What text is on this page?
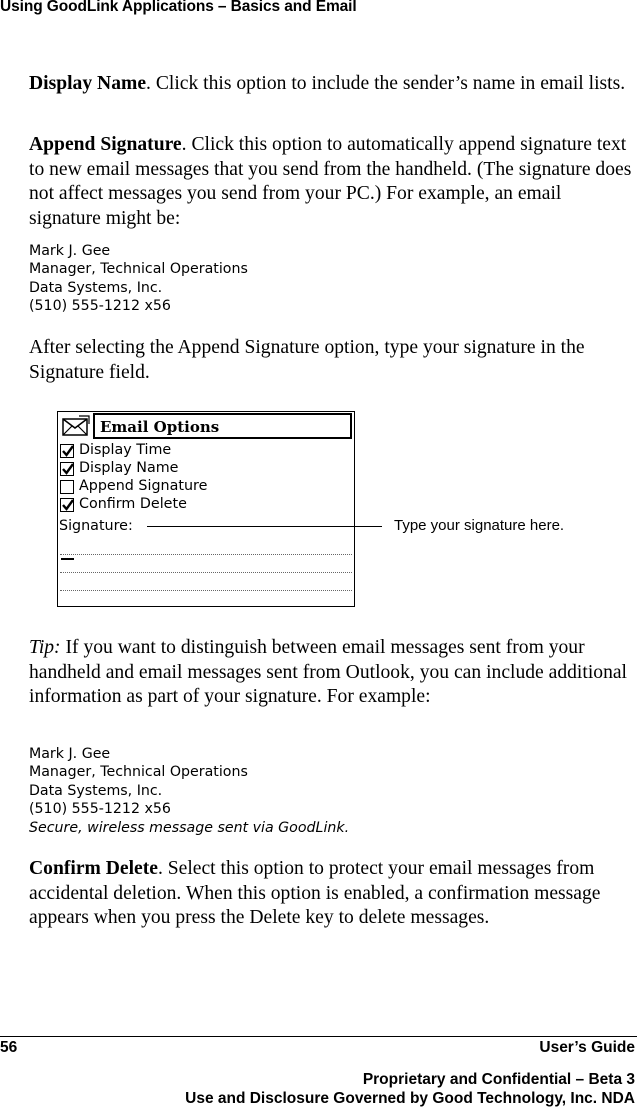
Using GoodLink Applications – Basics and Email
Display Name. Click this option to include the sender’s name in email lists.
Append Signature. Click this option to automatically append signature text to new email messages that you send from the handheld. (The signature does not affect messages you send from your PC.) For example, an email signature might be:
Mark J. Gee
Manager, Technical Operations
Data Systems, Inc.
(510) 555-1212 x56
After selecting the Append Signature option, type your signature in the Signature field.
Email Options
Display Time
Display Name
Append Signature
Confirm Delete
Signature:	Type your signature here.
Tip: If you want to distinguish between email messages sent from your handheld and email messages sent from Outlook, you can include additional information as part of your signature. For example:
Mark J. Gee
Manager, Technical Operations
Data Systems, Inc.
(510) 555-1212 x56
Secure, wireless message sent via GoodLink.
Confirm Delete. Select this option to protect your email messages from accidental deletion. When this option is enabled, a confirmation message appears when you press the Delete key to delete messages.
56	User’s Guide
Proprietary and Confidential – Beta 3
Use and Disclosure Governed by Good Technology, Inc. NDA
